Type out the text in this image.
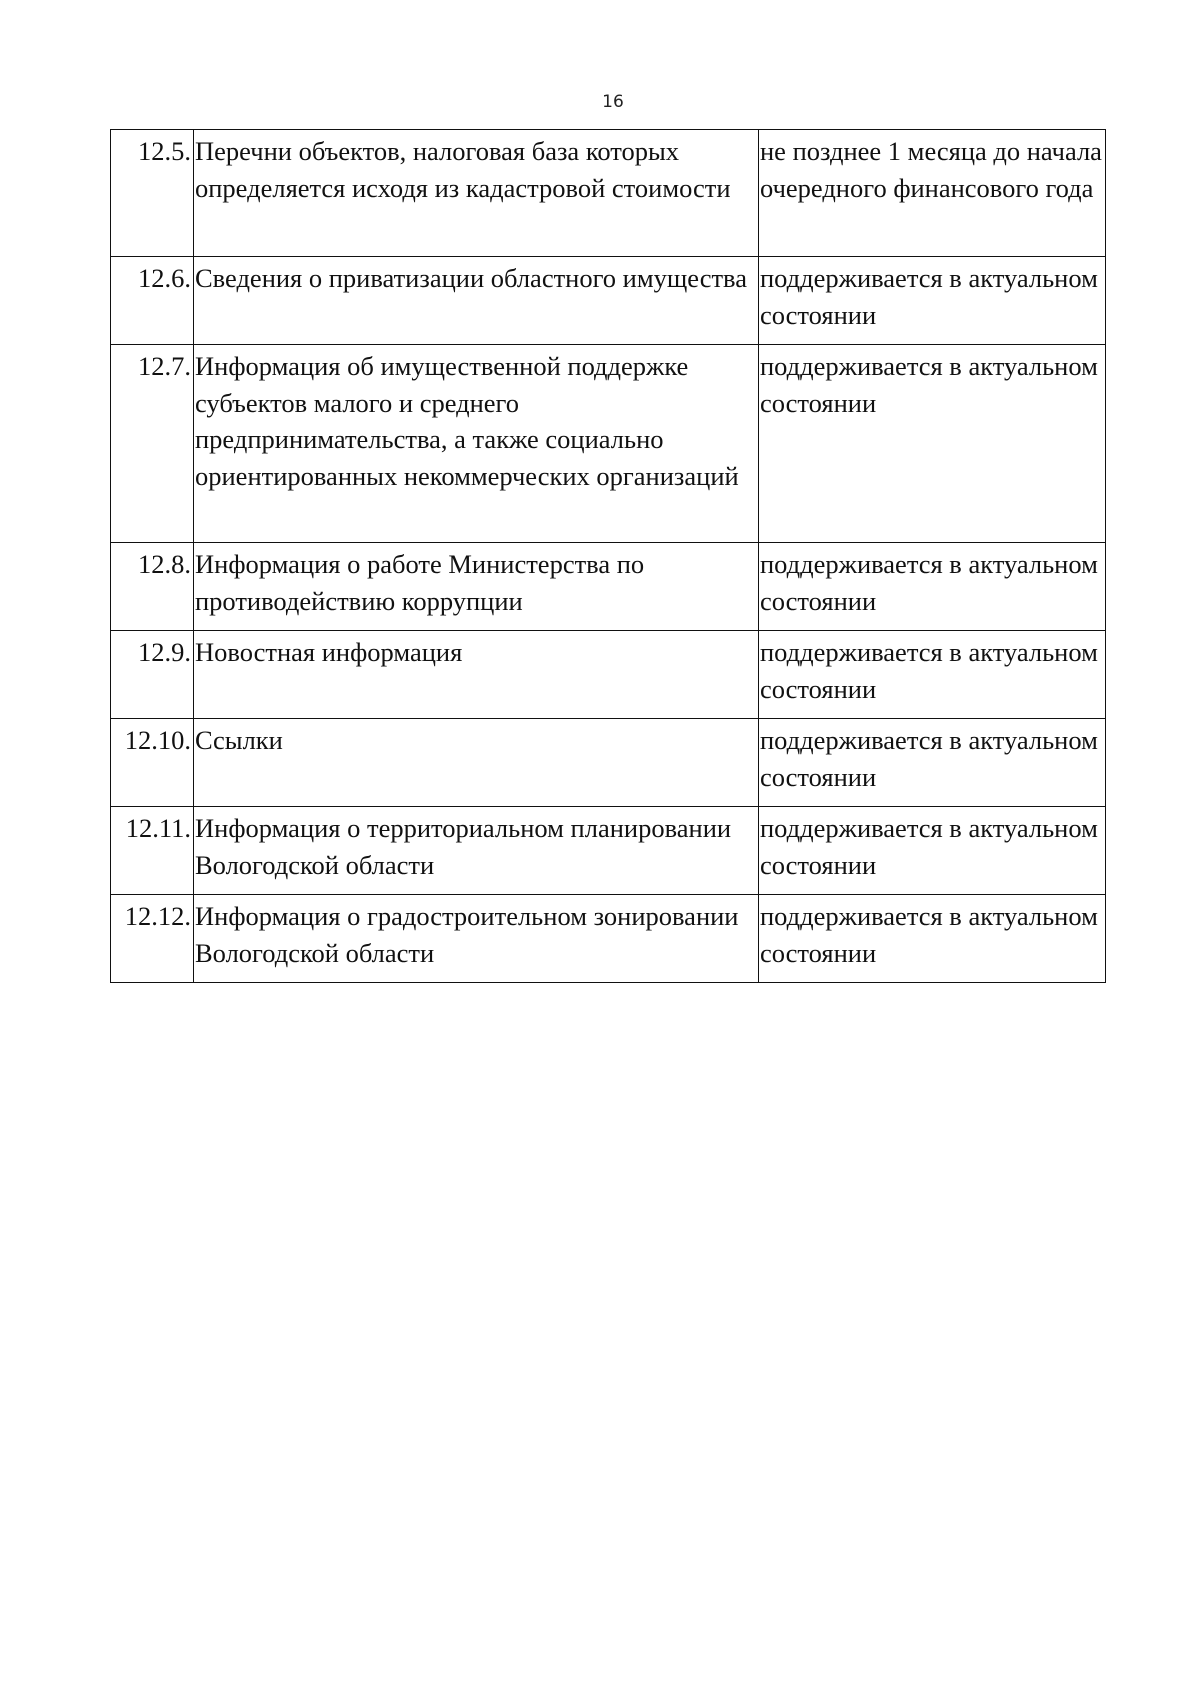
16
12.5.	Перечни объектов, налоговая база которых определяется исходя из кадастровой стоимости	не позднее 1 месяца до начала очередного финансового года

12.6.	Сведения о приватизации областного имущества	поддерживается в актуальном состоянии

12.7.	Информация об имущественной поддержке субъектов малого и среднего предпринимательства, а также социально ориентированных некоммерческих организаций	поддерживается в актуальном состоянии

12.8.	Информация о работе Министерства по противодействию коррупции	поддерживается в актуальном состоянии

12.9.	Новостная информация	поддерживается в актуальном состоянии

12.10.	Ссылки	поддерживается в актуальном состоянии

12.11.	Информация о территориальном планировании Вологодской области	поддерживается в актуальном состоянии

12.12.	Информация о градостроительном зонировании Вологодской области	поддерживается в актуальном состоянии
